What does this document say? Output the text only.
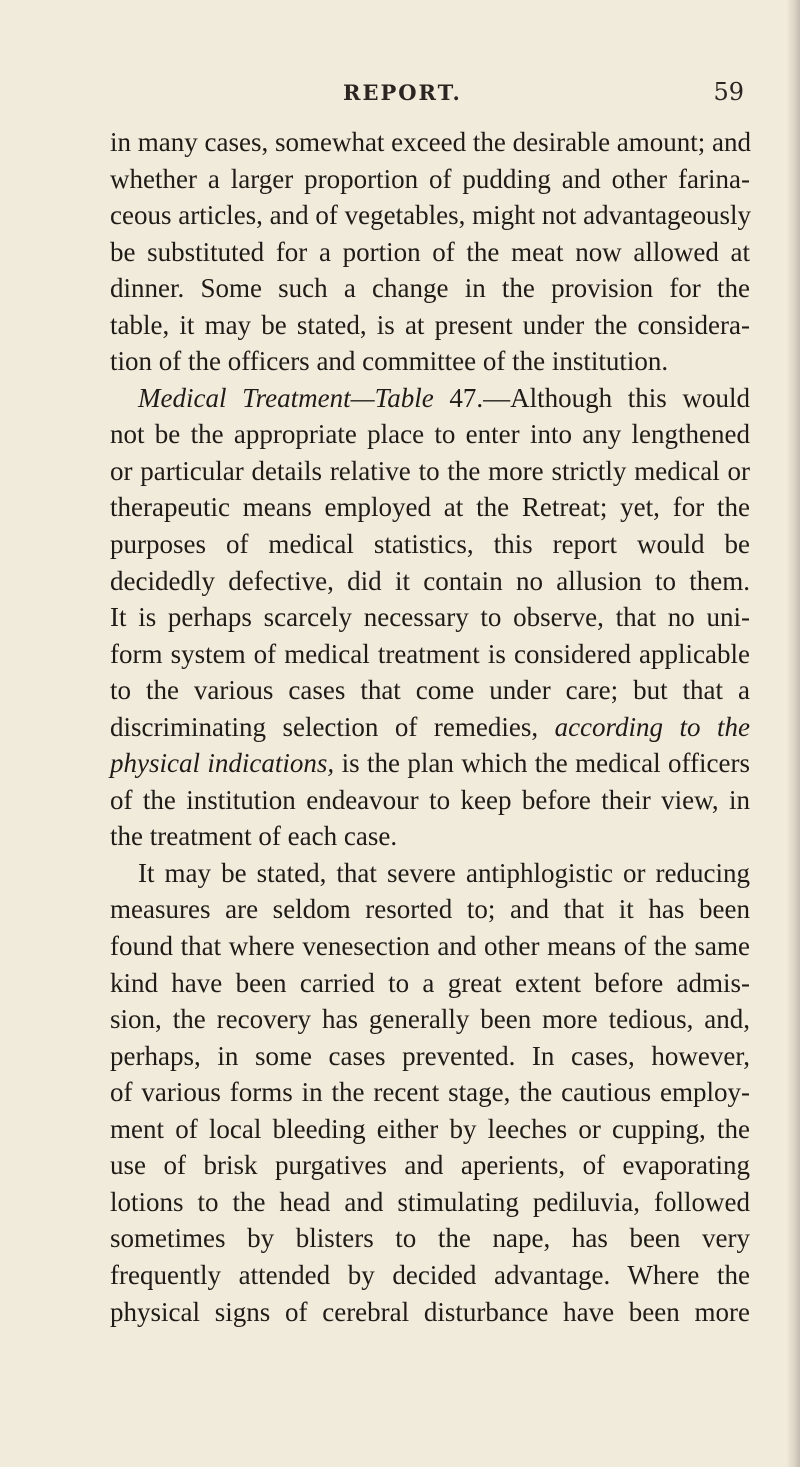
REPORT.	59
in many cases, somewhat exceed the desirable amount; and
whether a larger proportion of pudding and other farina-
ceous articles, and of vegetables, might not advantageously
be substituted for a portion of the meat now allowed at
dinner. Some such a change in the provision for the
table, it may be stated, is at present under the considera-
tion of the officers and committee of the institution.
Medical Treatment—Table 47.—Although this would
not be the appropriate place to enter into any lengthened
or particular details relative to the more strictly medical or
therapeutic means employed at the Retreat; yet, for the
purposes of medical statistics, this report would be
decidedly defective, did it contain no allusion to them.
It is perhaps scarcely necessary to observe, that no uni-
form system of medical treatment is considered applicable
to the various cases that come under care; but that a
discriminating selection of remedies, according to the
physical indications, is the plan which the medical officers
of the institution endeavour to keep before their view, in
the treatment of each case.
It may be stated, that severe antiphlogistic or reducing
measures are seldom resorted to; and that it has been
found that where venesection and other means of the same
kind have been carried to a great extent before admis-
sion, the recovery has generally been more tedious, and,
perhaps, in some cases prevented. In cases, however,
of various forms in the recent stage, the cautious employ-
ment of local bleeding either by leeches or cupping, the
use of brisk purgatives and aperients, of evaporating
lotions to the head and stimulating pediluvia, followed
sometimes by blisters to the nape, has been very
frequently attended by decided advantage. Where the
physical signs of cerebral disturbance have been more
